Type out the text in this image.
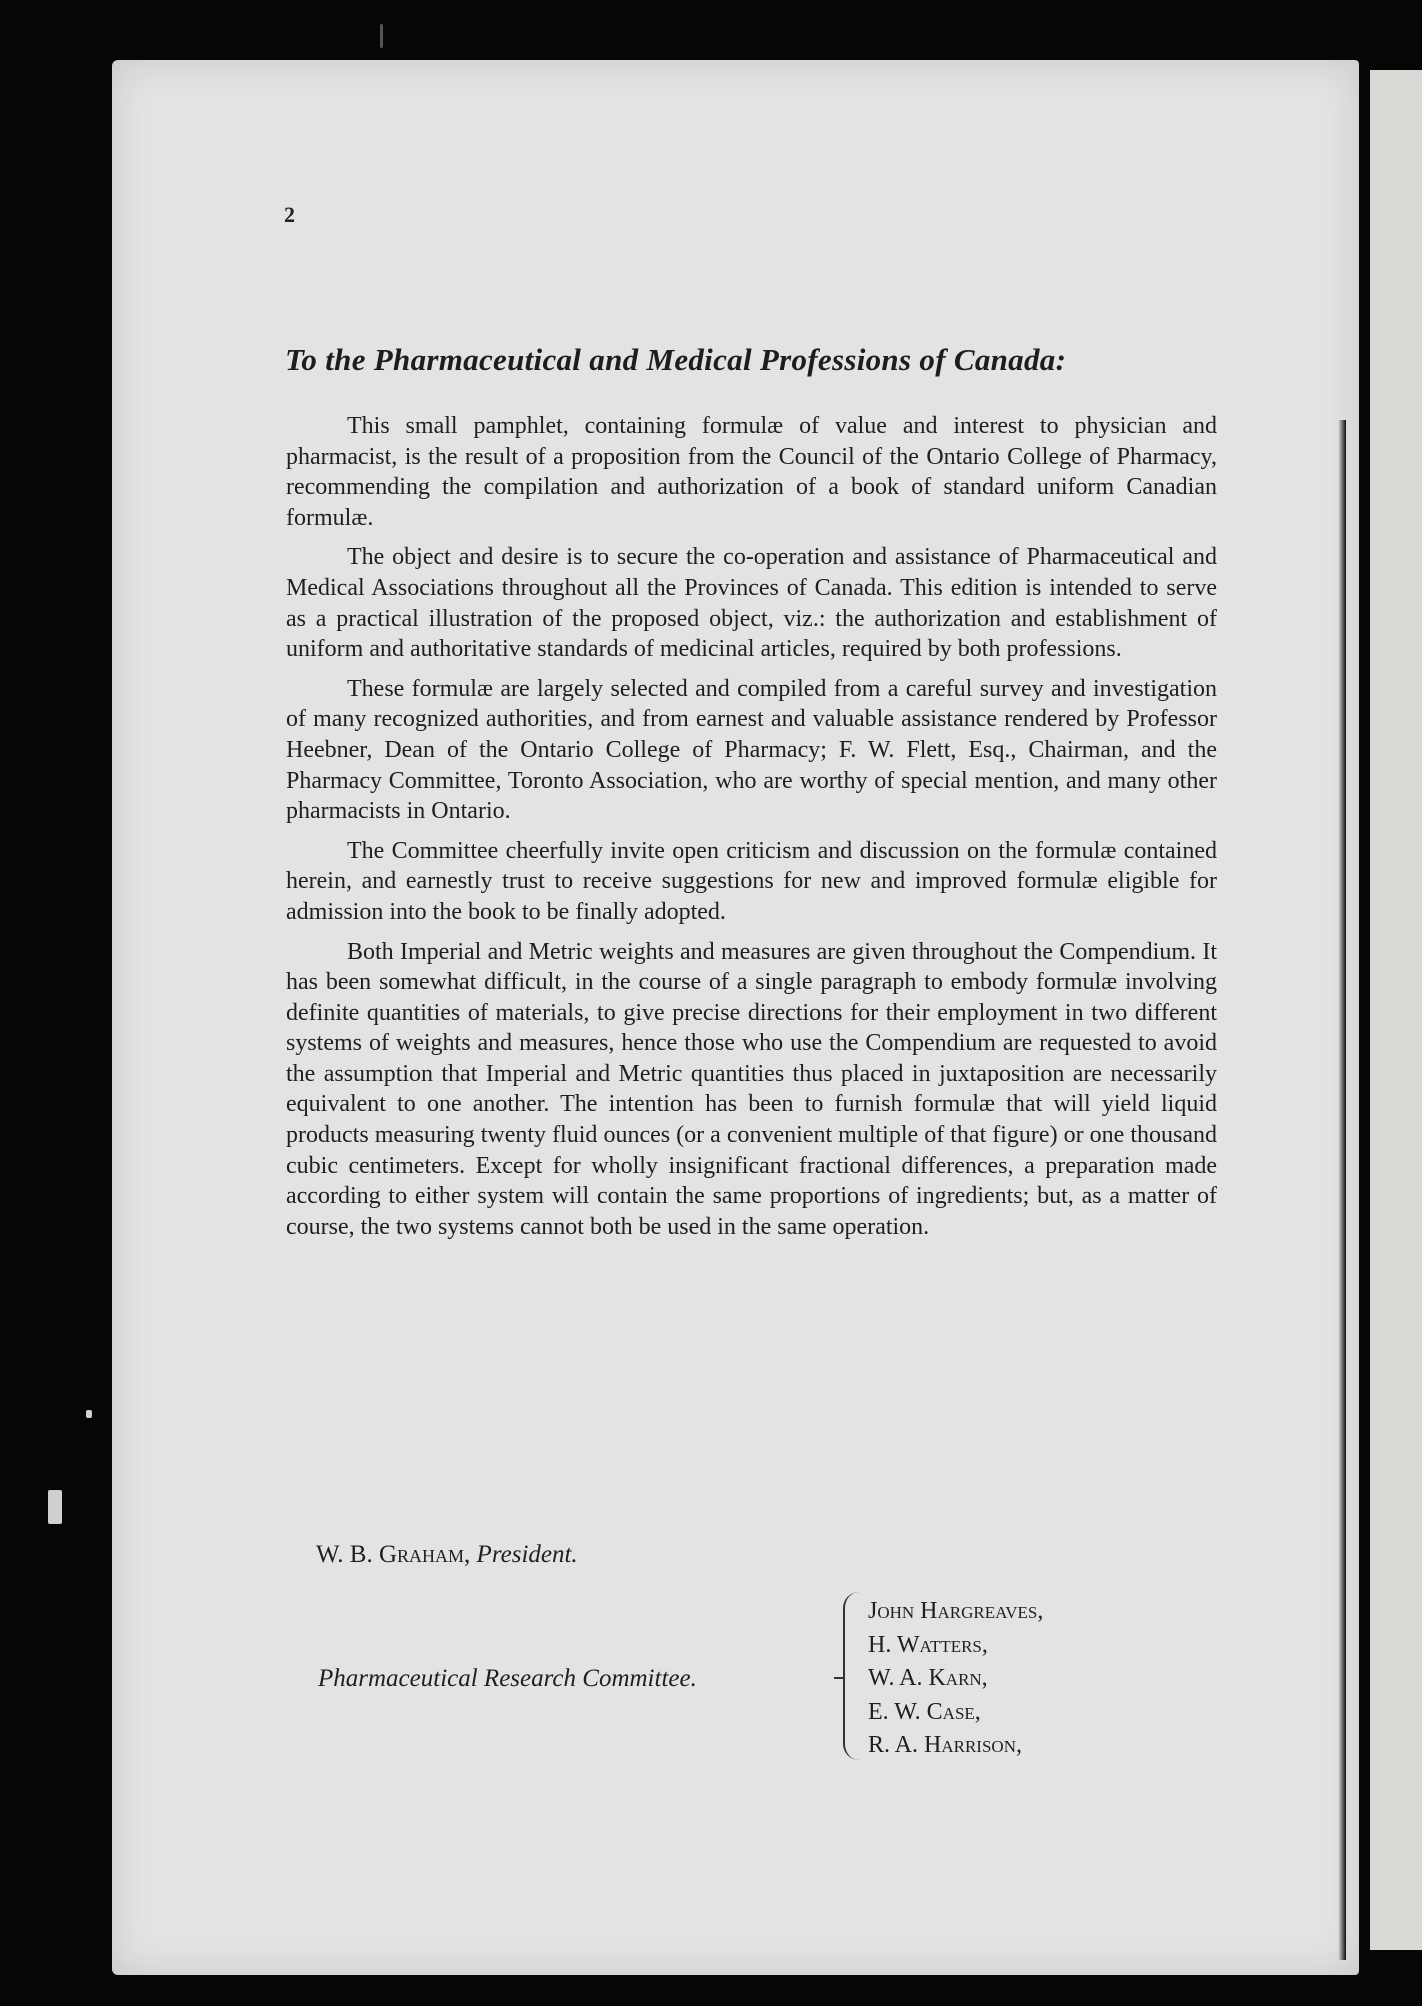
2

To the Pharmaceutical and Medical Professions of Canada:

This small pamphlet, containing formulæ of value and interest to physician and pharmacist, is the result of a proposition from the Council of the Ontario College of Pharmacy, recommending the compilation and authorization of a book of standard uniform Canadian formulæ.

The object and desire is to secure the co-operation and assistance of Pharmaceutical and Medical Associations throughout all the Provinces of Canada. This edition is intended to serve as a practical illustration of the proposed object, viz.: the authorization and establishment of uniform and authoritative standards of medicinal articles, required by both professions.

These formulæ are largely selected and compiled from a careful survey and investigation of many recognized authorities, and from earnest and valuable assistance rendered by Professor Heebner, Dean of the Ontario College of Pharmacy; F. W. Flett, Esq., Chairman, and the Pharmacy Committee, Toronto Association, who are worthy of special mention, and many other pharmacists in Ontario.

The Committee cheerfully invite open criticism and discussion on the formulæ contained herein, and earnestly trust to receive suggestions for new and improved formulæ eligible for admission into the book to be finally adopted.

Both Imperial and Metric weights and measures are given throughout the Compendium. It has been somewhat difficult, in the course of a single paragraph to embody formulæ involving definite quantities of materials, to give precise directions for their employment in two different systems of weights and measures, hence those who use the Compendium are requested to avoid the assumption that Imperial and Metric quantities thus placed in juxtaposition are necessarily equivalent to one another. The intention has been to furnish formulæ that will yield liquid products measuring twenty fluid ounces (or a convenient multiple of that figure) or one thousand cubic centimeters. Except for wholly insignificant fractional differences, a preparation made according to either system will contain the same proportions of ingredients; but, as a matter of course, the two systems cannot both be used in the same operation.

W. B. Graham, President.

Pharmaceutical Research Committee.

John Hargreaves,
H. Watters,
W. A. Karn,
E. W. Case,
R. A. Harrison,
